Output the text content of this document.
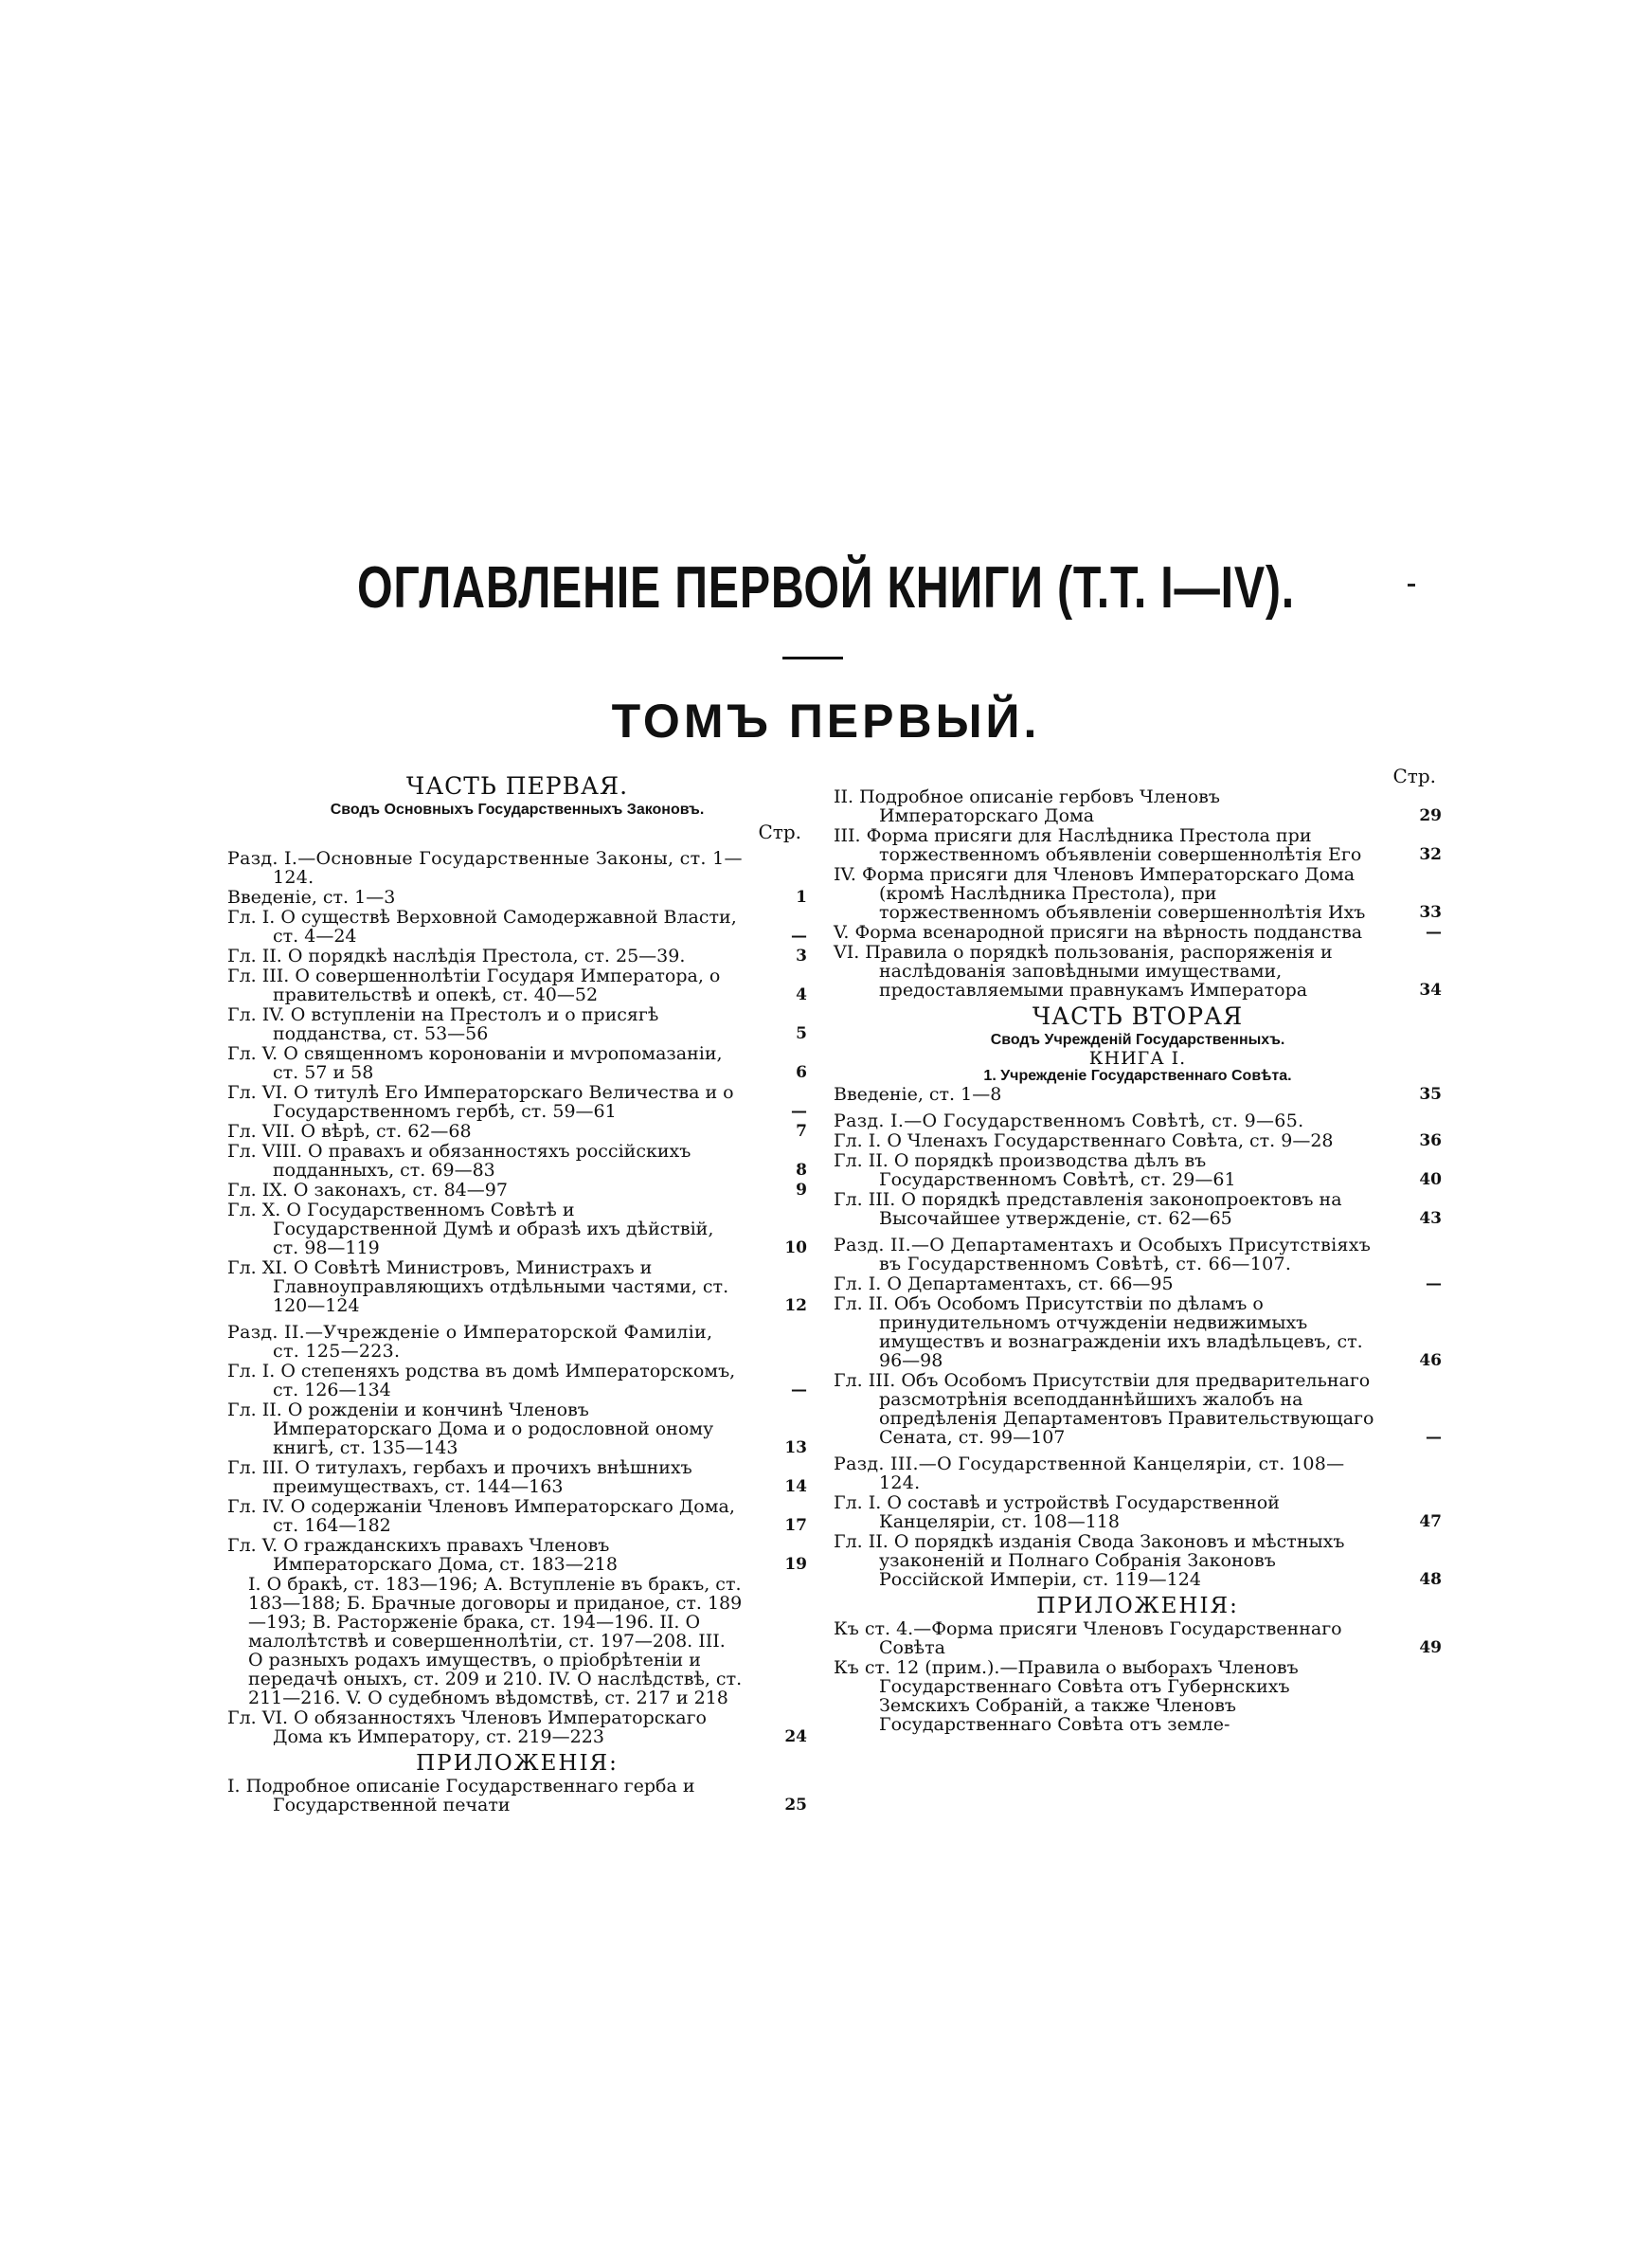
ОГЛАВЛЕНІЕ ПЕРВОЙ КНИГИ (Т.Т. I—IV).
ТОМЪ ПЕРВЫЙ.
ЧАСТЬ ПЕРВАЯ.
Сводъ Основныхъ Государственныхъ Законовъ.
Стр.
Разд. I.—Основные Государственные Законы, ст. 1—124.
Введеніе, ст. 1—3	1
Гл. I. О существѣ Верховной Самодержавной Власти, ст. 4—24	—
Гл. II. О порядкѣ наслѣдія Престола, ст. 25—39.	3
Гл. III. О совершеннолѣтіи Государя Императора, о правительствѣ и опекѣ, ст. 40—52	4
Гл. IV. О вступленіи на Престолъ и о присягѣ подданства, ст. 53—56	5
Гл. V. О священномъ коронованіи и мѵропомазаніи, ст. 57 и 58	6
Гл. VI. О титулѣ Его Императорскаго Величества и о Государственномъ гербѣ, ст. 59—61	—
Гл. VII. О вѣрѣ, ст. 62—68	7
Гл. VIII. О правахъ и обязанностяхъ россійскихъ подданныхъ, ст. 69—83	8
Гл. IX. О законахъ, ст. 84—97	9
Гл. X. О Государственномъ Совѣтѣ и Государственной Думѣ и образѣ ихъ дѣйствій, ст. 98—119	10
Гл. XI. О Совѣтѣ Министровъ, Министрахъ и Главноуправляющихъ отдѣльными частями, ст. 120—124	12
Разд. II.—Учрежденіе о Императорской Фамиліи, ст. 125—223.
Гл. I. О степеняхъ родства въ домѣ Императорскомъ, ст. 126—134	—
Гл. II. О рожденіи и кончинѣ Членовъ Императорскаго Дома и о родословной оному книгѣ, ст. 135—143	13
Гл. III. О титулахъ, гербахъ и прочихъ внѣшнихъ преимуществахъ, ст. 144—163	14
Гл. IV. О содержаніи Членовъ Императорскаго Дома, ст. 164—182	17
Гл. V. О гражданскихъ правахъ Членовъ Императорскаго Дома, ст. 183—218	19
I. О бракѣ, ст. 183—196; А. Вступленіе въ бракъ, ст. 183—188; Б. Брачные договоры и приданое, ст. 189—193; В. Расторженіе брака, ст. 194—196. II. О малолѣтствѣ и совершеннолѣтіи, ст. 197—208. III. О разныхъ родахъ имуществъ, о пріобрѣтеніи и передачѣ оныхъ, ст. 209 и 210. IV. О наслѣдствѣ, ст. 211—216. V. О судебномъ вѣдомствѣ, ст. 217 и 218
Гл. VI. О обязанностяхъ Членовъ Императорскаго Дома къ Императору, ст. 219—223	24
ПРИЛОЖЕНІЯ:
I. Подробное описаніе Государственнаго герба и Государственной печати	25
Стр.
II. Подробное описаніе гербовъ Членовъ Императорскаго Дома	29
III. Форма присяги для Наслѣдника Престола при торжественномъ объявленіи совершеннолѣтія Его	32
IV. Форма присяги для Членовъ Императорскаго Дома (кромѣ Наслѣдника Престола), при торжественномъ объявленіи совершеннолѣтія Ихъ	33
V. Форма всенародной присяги на вѣрность подданства	—
VI. Правила о порядкѣ пользованія, распоряженія и наслѣдованія заповѣдными имуществами, предоставляемыми правнукамъ Императора	34
ЧАСТЬ ВТОРАЯ
Сводъ Учрежденій Государственныхъ.
КНИГА I.
1. Учрежденіе Государственнаго Совѣта.
Введеніе, ст. 1—8	35
Разд. I.—О Государственномъ Совѣтѣ, ст. 9—65.
Гл. I. О Членахъ Государственнаго Совѣта, ст. 9—28	36
Гл. II. О порядкѣ производства дѣлъ въ Государственномъ Совѣтѣ, ст. 29—61	40
Гл. III. О порядкѣ представленія законопроектовъ на Высочайшее утвержденіе, ст. 62—65	43
Разд. II.—О Департаментахъ и Особыхъ Присутствіяхъ въ Государственномъ Совѣтѣ, ст. 66—107.
Гл. I. О Департаментахъ, ст. 66—95	—
Гл. II. Объ Особомъ Присутствіи по дѣламъ о принудительномъ отчужденіи недвижимыхъ имуществъ и вознагражденіи ихъ владѣльцевъ, ст. 96—98	46
Гл. III. Объ Особомъ Присутствіи для предварительнаго разсмотрѣнія всеподданнѣйшихъ жалобъ на опредѣленія Департаментовъ Правительствующаго Сената, ст. 99—107	—
Разд. III.—О Государственной Канцеляріи, ст. 108—124.
Гл. I. О составѣ и устройствѣ Государственной Канцеляріи, ст. 108—118	47
Гл. II. О порядкѣ изданія Свода Законовъ и мѣстныхъ узаконеній и Полнаго Собранія Законовъ Россійской Имперіи, ст. 119—124	48
ПРИЛОЖЕНІЯ:
Къ ст. 4.—Форма присяги Членовъ Государственнаго Совѣта	49
Къ ст. 12 (прим.).—Правила о выборахъ Членовъ Государственнаго Совѣта отъ Губернскихъ Земскихъ Собраній, а также Членовъ Государственнаго Совѣта отъ земле-
